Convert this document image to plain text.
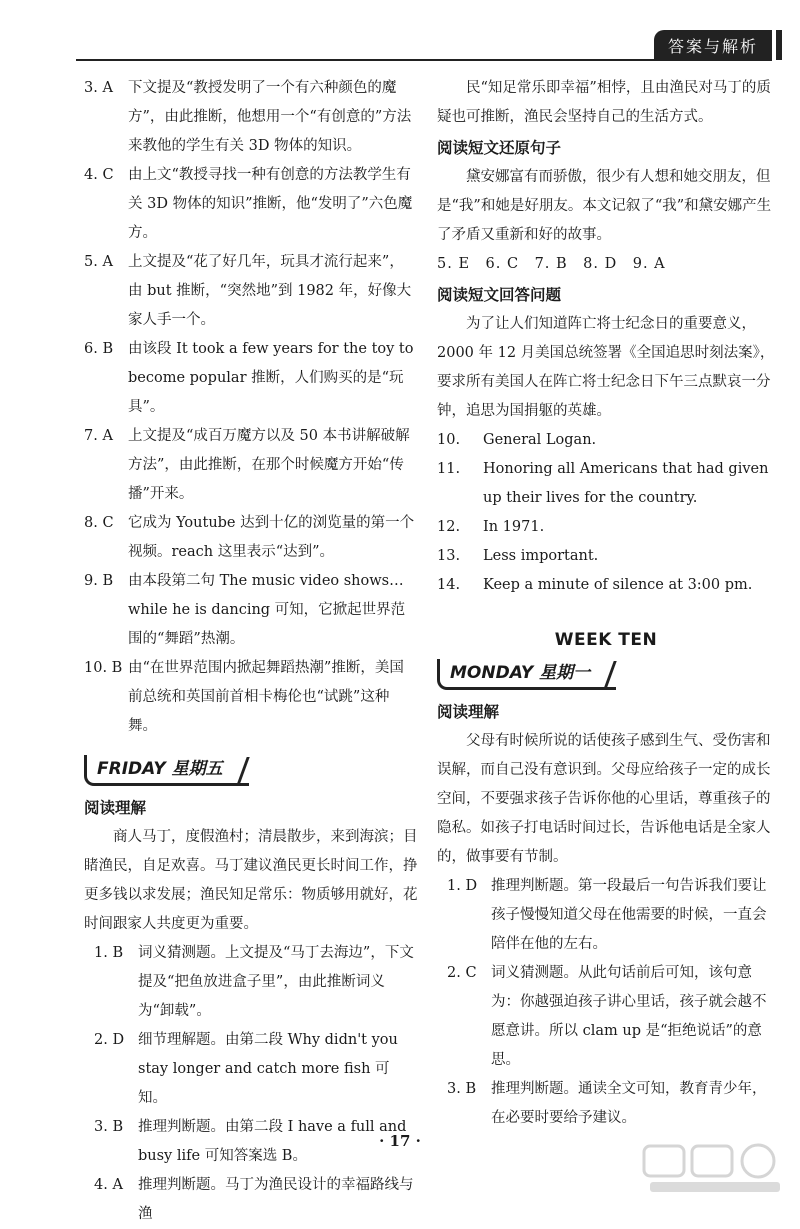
答案与解析
3. A	下文提及“教授发明了一个有六种颜色的魔方”，由此推断，他想用一个“有创意的”方法来教他的学生有关 3D 物体的知识。
4. C 由上文“教授寻找一种有创意的方法教学生有关 3D 物体的知识”推断，他“发明了”六色魔方。
5. A	上文提及“花了好几年，玩具才流行起来”，由 but 推断，“突然地”到 1982 年，好像大家人手一个。
6. B	由该段 It took a few years for the toy to become popular 推断，人们购买的是“玩具”。
7. A	上文提及“成百万魔方以及 50 本书讲解破解方法”，由此推断，在那个时候魔方开始“传播”开来。
8. C 它成为 Youtube 达到十亿的浏览量的第一个视频。reach 这里表示“达到”。
9. B	由本段第二句 The music video shows…while he is dancing 可知，它掀起世界范围的“舞蹈”热潮。
10. B 由“在世界范围内掀起舞蹈热潮”推断，美国前总统和英国前首相卡梅伦也“试跳”这种舞。
FRIDAY 星期五
阅读理解
商人马丁，度假渔村；清晨散步，来到海滨；目睹渔民，自足欢喜。马丁建议渔民更长时间工作，挣更多钱以求发展；渔民知足常乐：物质够用就好，花时间跟家人共度更为重要。
1. B	词义猜测题。上文提及“马丁去海边”，下文提及“把鱼放进盒子里”，由此推断词义为“卸载”。
2. D 细节理解题。由第二段 Why didn't you stay longer and catch more fish 可知。
3. B	推理判断题。由第二段 I have a full and busy life 可知答案选 B。
4. A	推理判断题。马丁为渔民设计的幸福路线与渔
民“知足常乐即幸福”相悖，且由渔民对马丁的质疑也可推断，渔民会坚持自己的生活方式。
阅读短文还原句子
黛安娜富有而骄傲，很少有人想和她交朋友，但是“我”和她是好朋友。本文记叙了“我”和黛安娜产生了矛盾又重新和好的故事。
5. E　6. C　7. B　8. D　9. A
阅读短文回答问题
为了让人们知道阵亡将士纪念日的重要意义，2000 年 12 月美国总统签署《全国追思时刻法案》，要求所有美国人在阵亡将士纪念日下午三点默哀一分钟，追思为国捐躯的英雄。
10.	General Logan.
11.	Honoring all Americans that had given up their lives for the country.
12.	In 1971.
13.	Less important.
14.	Keep a minute of silence at 3:00 pm.
WEEK TEN
MONDAY 星期一
阅读理解
父母有时候所说的话使孩子感到生气、受伤害和误解，而自己没有意识到。父母应给孩子一定的成长空间，不要强求孩子告诉你他的心里话，尊重孩子的隐私。如孩子打电话时间过长，告诉他电话是全家人的，做事要有节制。
1. D 推理判断题。第一段最后一句告诉我们要让孩子慢慢知道父母在他需要的时候，一直会陪伴在他的左右。
2. C 词义猜测题。从此句话前后可知，该句意为：你越强迫孩子讲心里话，孩子就会越不愿意讲。所以 clam up 是“拒绝说话”的意思。
3. B	推理判断题。通读全文可知，教育青少年，在必要时要给予建议。
· 17 ·
